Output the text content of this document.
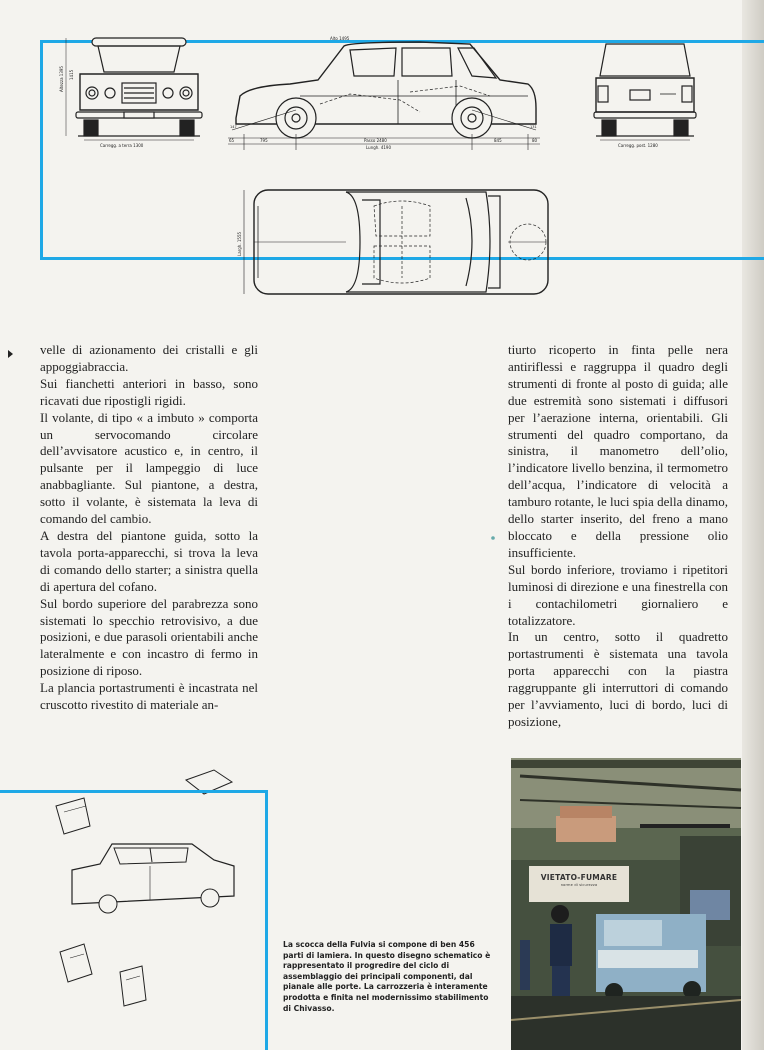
Carregg. a terra 1300
Altezza 1395 1415
795	845
65	80
Passo 2480
Lungh. 4190
147	131
Carregg. post. 1280
Largh. 1555
Alto 1495
VIETATO-FUMARE
norme di sicurezza

velle di azionamento dei cristalli e gli appoggiabraccia.

Sui fianchetti anteriori in basso, sono ricavati due ripostigli rigidi.

Il volante, di tipo « a imbuto » comporta un servocomando circolare dell’avvisatore acustico e, in centro, il pulsante per il lampeggio di luce anabbagliante. Sul piantone, a destra, sotto il volante, è sistemata la leva di comando del cambio.

A destra del piantone guida, sotto la tavola porta-apparecchi, si trova la leva di comando dello starter; a sinistra quella di apertura del cofano.

Sul bordo superiore del parabrezza sono sistemati lo specchio retrovisivo, a due posizioni, e due parasoli orientabili anche lateralmente e con incastro di fermo in posizione di riposo.

La plancia portastrumenti è incastrata nel cruscotto rivestito di materiale an-

tiurto ricoperto in finta pelle nera antiriflessi e raggruppa il quadro degli strumenti di fronte al posto di guida; alle due estremità sono sistemati i diffusori per l’aerazione interna, orientabili. Gli strumenti del quadro comportano, da sinistra, il manometro dell’olio, l’indicatore livello benzina, il termometro dell’acqua, l’indicatore di velocità a tamburo rotante, le luci spia della dinamo, dello starter inserito, del freno a mano bloccato e della pressione olio insufficiente.

Sul bordo inferiore, troviamo i ripetitori luminosi di direzione e una finestrella con i contachilometri giornaliero e totalizzatore.

In un centro, sotto il quadretto portastrumenti è sistemata una tavola porta apparecchi con la piastra raggruppante gli interruttori di comando per l’avviamento, luci di bordo, luci di posizione,

La scocca della Fulvia si compone di ben 456 parti di lamiera. In questo disegno schematico è rappresentato il progredire del ciclo di assemblaggio dei principali componenti, dal pianale alle porte. La carrozzeria è interamente prodotta e finita nel modernissimo stabilimento di Chivasso.
